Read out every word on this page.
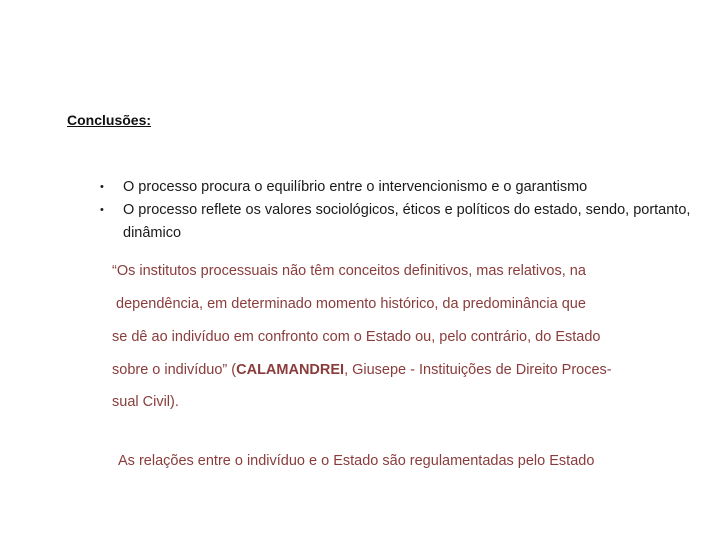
Conclusões:
• O processo procura o equilíbrio entre o intervencionismo e o garantismo
• O processo reflete os valores sociológicos, éticos e políticos do estado, sendo, portanto, dinâmico
“Os institutos processuais não têm conceitos definitivos, mas relativos, na
dependência, em determinado momento histórico, da predominância que
se dê ao indivíduo em confronto com o Estado ou, pelo contrário, do Estado
sobre o indivíduo” (CALAMANDREI, Giusepe - Instituições de Direito Proces-
sual Civil).
As relações entre o indivíduo e o Estado são regulamentadas pelo Estado
